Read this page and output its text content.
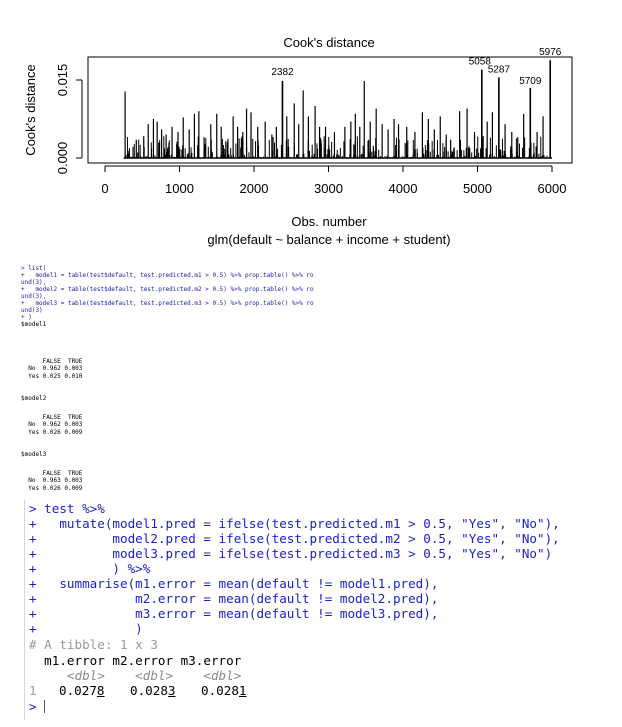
Cook's distance
0	1000	2000	3000	4000	5000	6000
0.000
0.015	2382
5058
5287
5709
5976
Obs. number
glm(default ~ balance + income + student)
Cook's distance
> list(
+   model1 = table(test$default, test.predicted.m1 > 0.5) %>% prop.table() %>% ro
und(3),
+   model2 = table(test$default, test.predicted.m2 > 0.5) %>% prop.table() %>% ro
und(3),
+   model3 = table(test$default, test.predicted.m3 > 0.5) %>% prop.table() %>% ro
und(3)
+ )
$model1
FALSE  TRUE
No  0.962 0.003
Yes 0.025 0.010
$model2
FALSE  TRUE
No  0.962 0.003
Yes 0.026 0.009
$model3
FALSE  TRUE
No  0.963 0.003
Yes 0.026 0.009
> test %>%
+   mutate(model1.pred = ifelse(test.predicted.m1 > 0.5, "Yes", "No"),
+          model2.pred = ifelse(test.predicted.m2 > 0.5, "Yes", "No"),
+          model3.pred = ifelse(test.predicted.m3 > 0.5, "Yes", "No")
+          ) %>%
+   summarise(m1.error = mean(default != model1.pred),
+             m2.error = mean(default != model2.pred),
+             m3.error = mean(default != model3.pred),
+             )
# A tibble: 1 x 3
m1.error m2.error m3.error
<dbl>    <dbl>    <dbl>
1 0.0278 0.0283 0.0281
>
